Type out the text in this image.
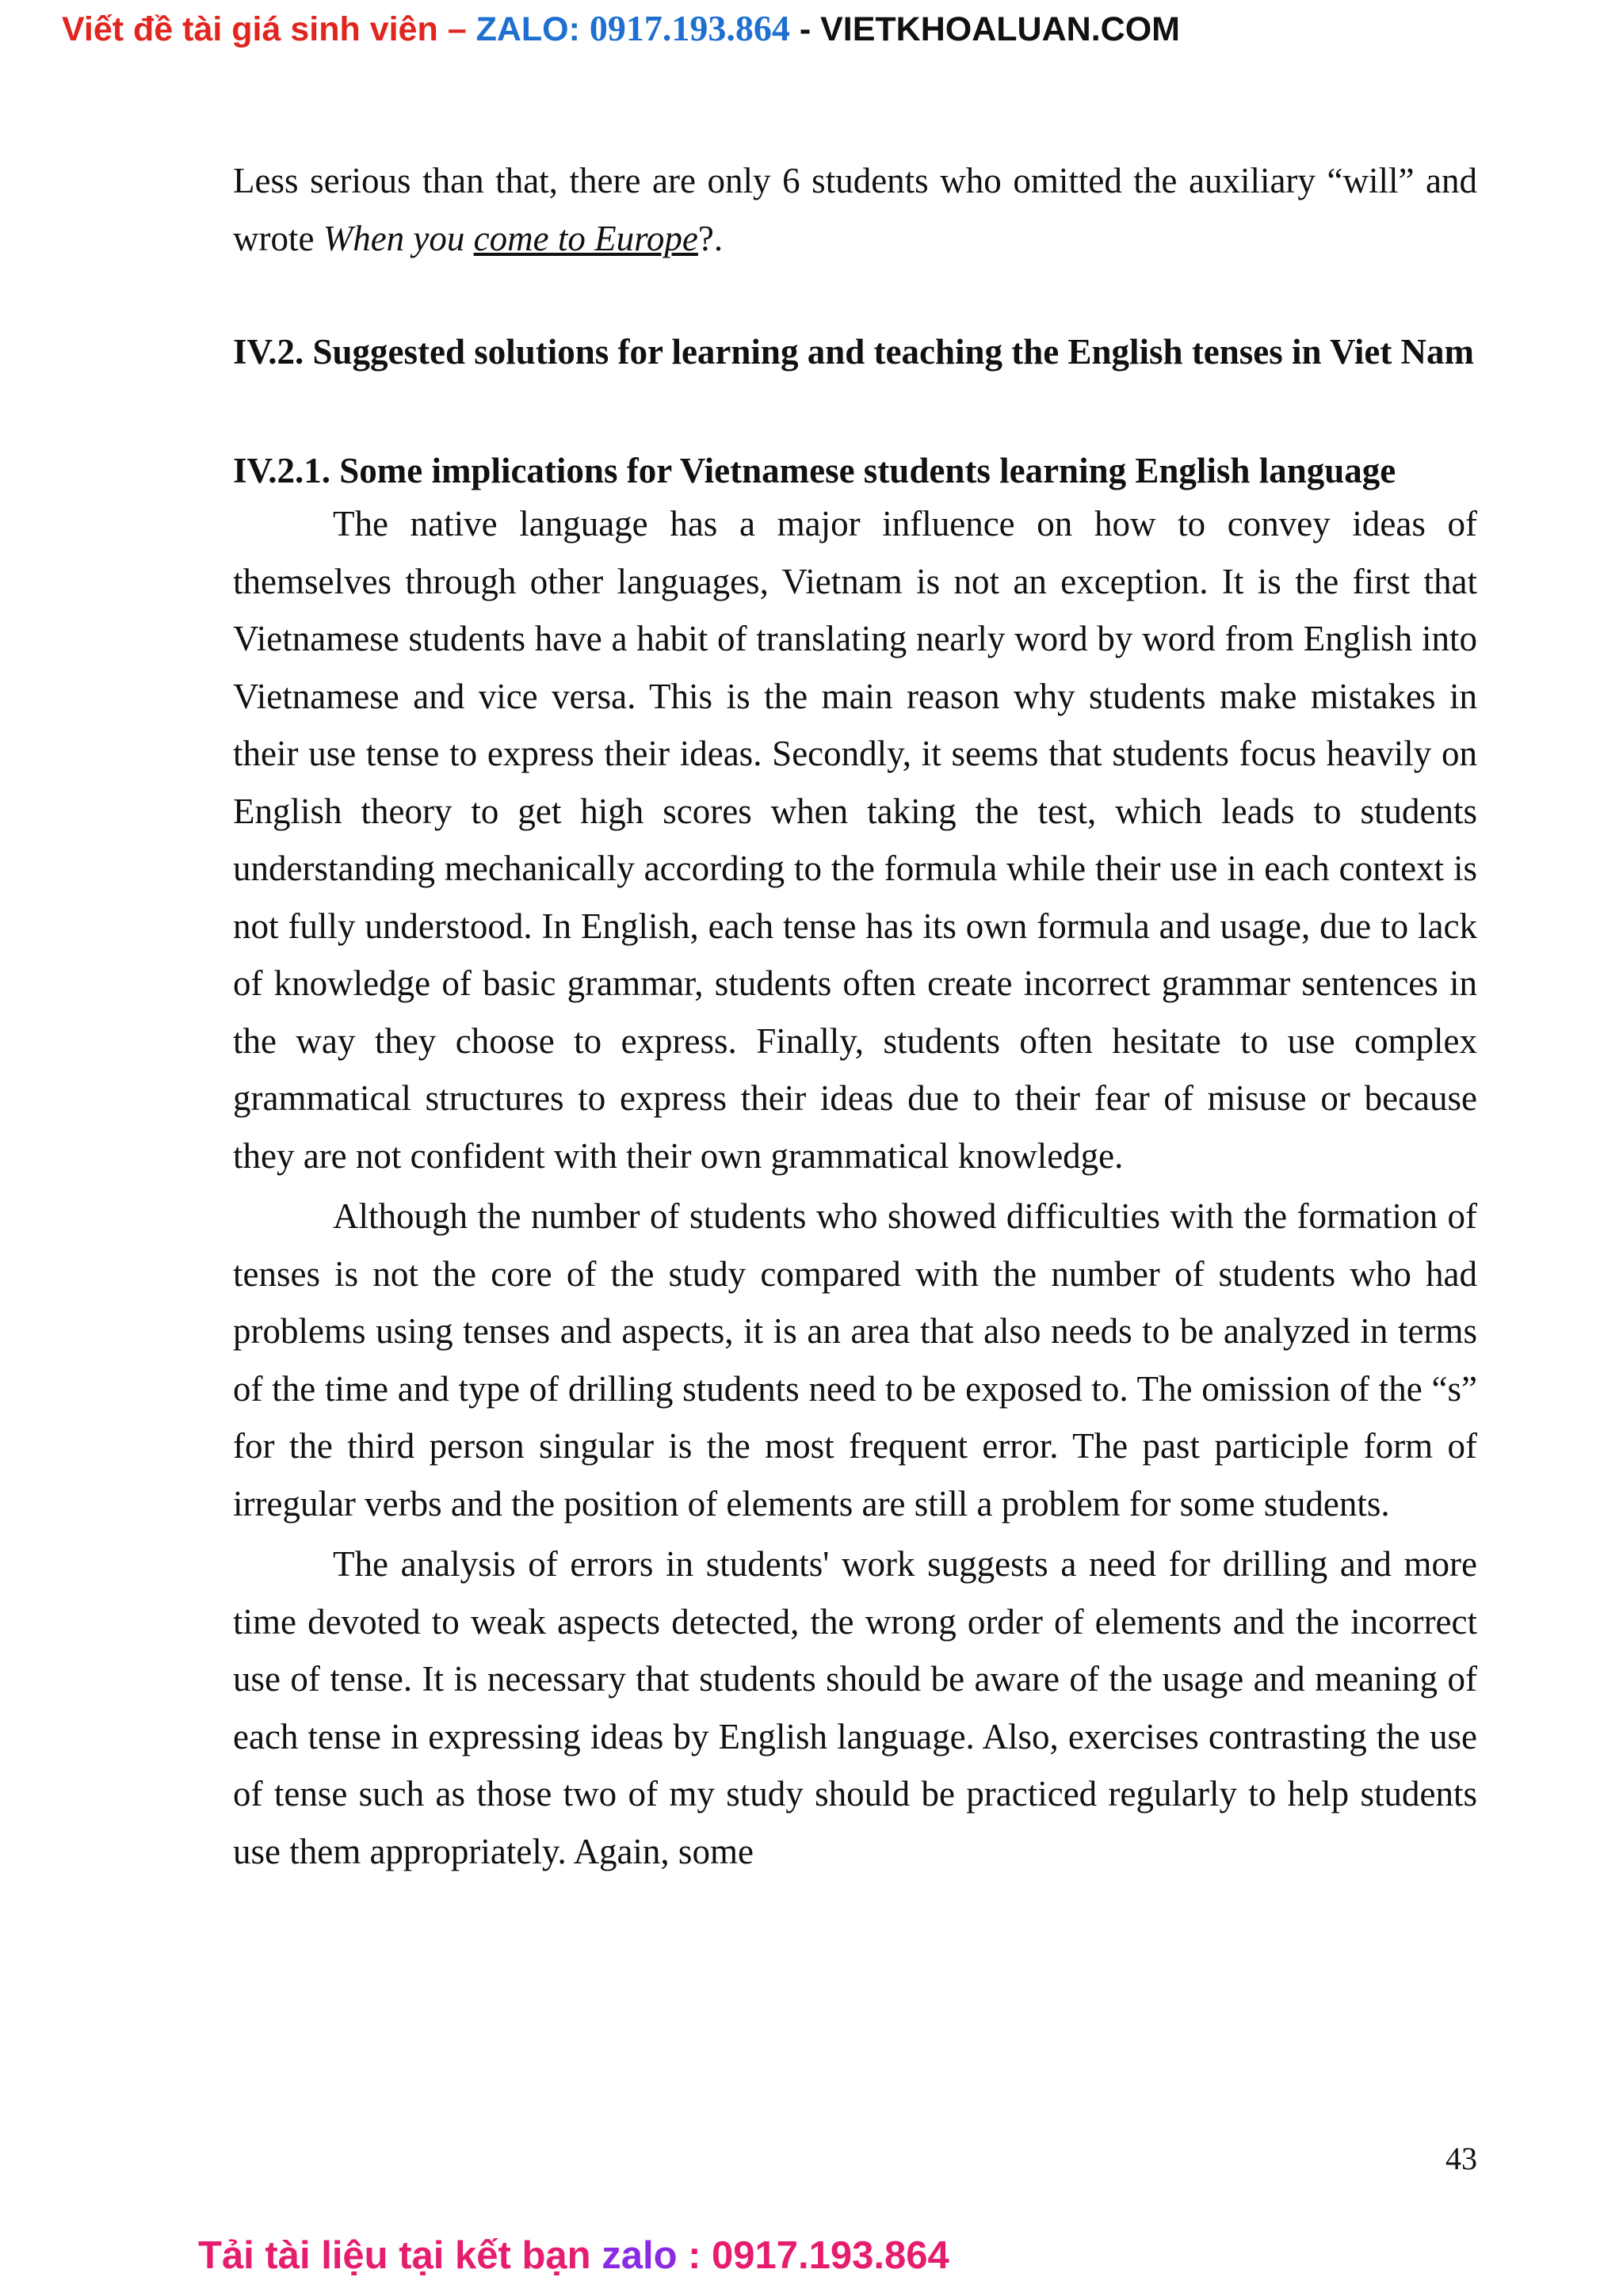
Viết đề tài giá sinh viên – ZALO: 0917.193.864 - VIETKHOALUAN.COM

Less serious than that, there are only 6 students who omitted the auxiliary “will” and wrote When you come to Europe?.

IV.2. Suggested solutions for learning and teaching the English tenses in Viet Nam
IV.2.1. Some implications for Vietnamese students learning English language

The native language has a major influence on how to convey ideas of themselves through other languages, Vietnam is not an exception. It is the first that Vietnamese students have a habit of translating nearly word by word from English into Vietnamese and vice versa. This is the main reason why students make mistakes in their use tense to express their ideas. Secondly, it seems that students focus heavily on English theory to get high scores when taking the test, which leads to students understanding mechanically according to the formula while their use in each context is not fully understood. In English, each tense has its own formula and usage, due to lack of knowledge of basic grammar, students often create incorrect grammar sentences in the way they choose to express. Finally, students often hesitate to use complex grammatical structures to express their ideas due to their fear of misuse or because they are not confident with their own grammatical knowledge.

Although the number of students who showed difficulties with the formation of tenses is not the core of the study compared with the number of students who had problems using tenses and aspects, it is an area that also needs to be analyzed in terms of the time and type of drilling students need to be exposed to. The omission of the “s” for the third person singular is the most frequent error. The past participle form of irregular verbs and the position of elements are still a problem for some students.

The analysis of errors in students' work suggests a need for drilling and more time devoted to weak aspects detected, the wrong order of elements and the incorrect use of tense. It is necessary that students should be aware of the usage and meaning of each tense in expressing ideas by English language. Also, exercises contrasting the use of tense such as those two of my study should be practiced regularly to help students use them appropriately. Again, some

43
Tải tài liệu tại kết bạn zalo : 0917.193.864
